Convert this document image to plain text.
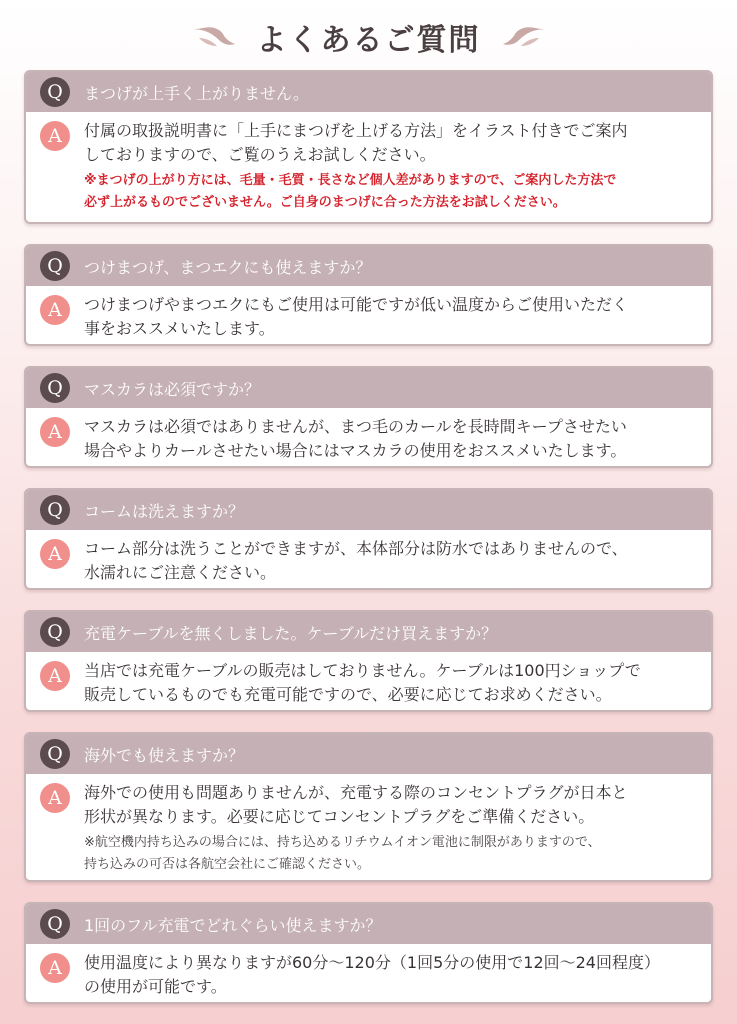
よくあるご質問
Q	まつげが上手く上がりません。
A	付属の取扱説明書に「上手にまつげを上げる方法」をイラスト付きでご案内
しておりますので、ご覧のうえお試しください。
※まつげの上がり方には、毛量・毛質・長さなど個人差がありますので、ご案内した方法で
必ず上がるものでございません。ご自身のまつげに合った方法をお試しください。
Q	つけまつげ、まつエクにも使えますか？
A	つけまつげやまつエクにもご使用は可能ですが低い温度からご使用いただく
事をおススメいたします。
Q	マスカラは必須ですか？
A	マスカラは必須ではありませんが、まつ毛のカールを長時間キープさせたい
場合やよりカールさせたい場合にはマスカラの使用をおススメいたします。
Q	コームは洗えますか？
A	コーム部分は洗うことができますが、本体部分は防水ではありませんので、
水濡れにご注意ください。
Q	充電ケーブルを無くしました。ケーブルだけ買えますか？
A	当店では充電ケーブルの販売はしておりません。ケーブルは100円ショップで
販売しているものでも充電可能ですので、必要に応じてお求めください。
Q	海外でも使えますか？
A	海外での使用も問題ありませんが、充電する際のコンセントプラグが日本と
形状が異なります。必要に応じてコンセントプラグをご準備ください。
※航空機内持ち込みの場合には、持ち込めるリチウムイオン電池に制限がありますので、
持ち込みの可否は各航空会社にご確認ください。
Q	1回のフル充電でどれぐらい使えますか？
A	使用温度により異なりますが60分〜120分（1回5分の使用で12回〜24回程度）
の使用が可能です。
